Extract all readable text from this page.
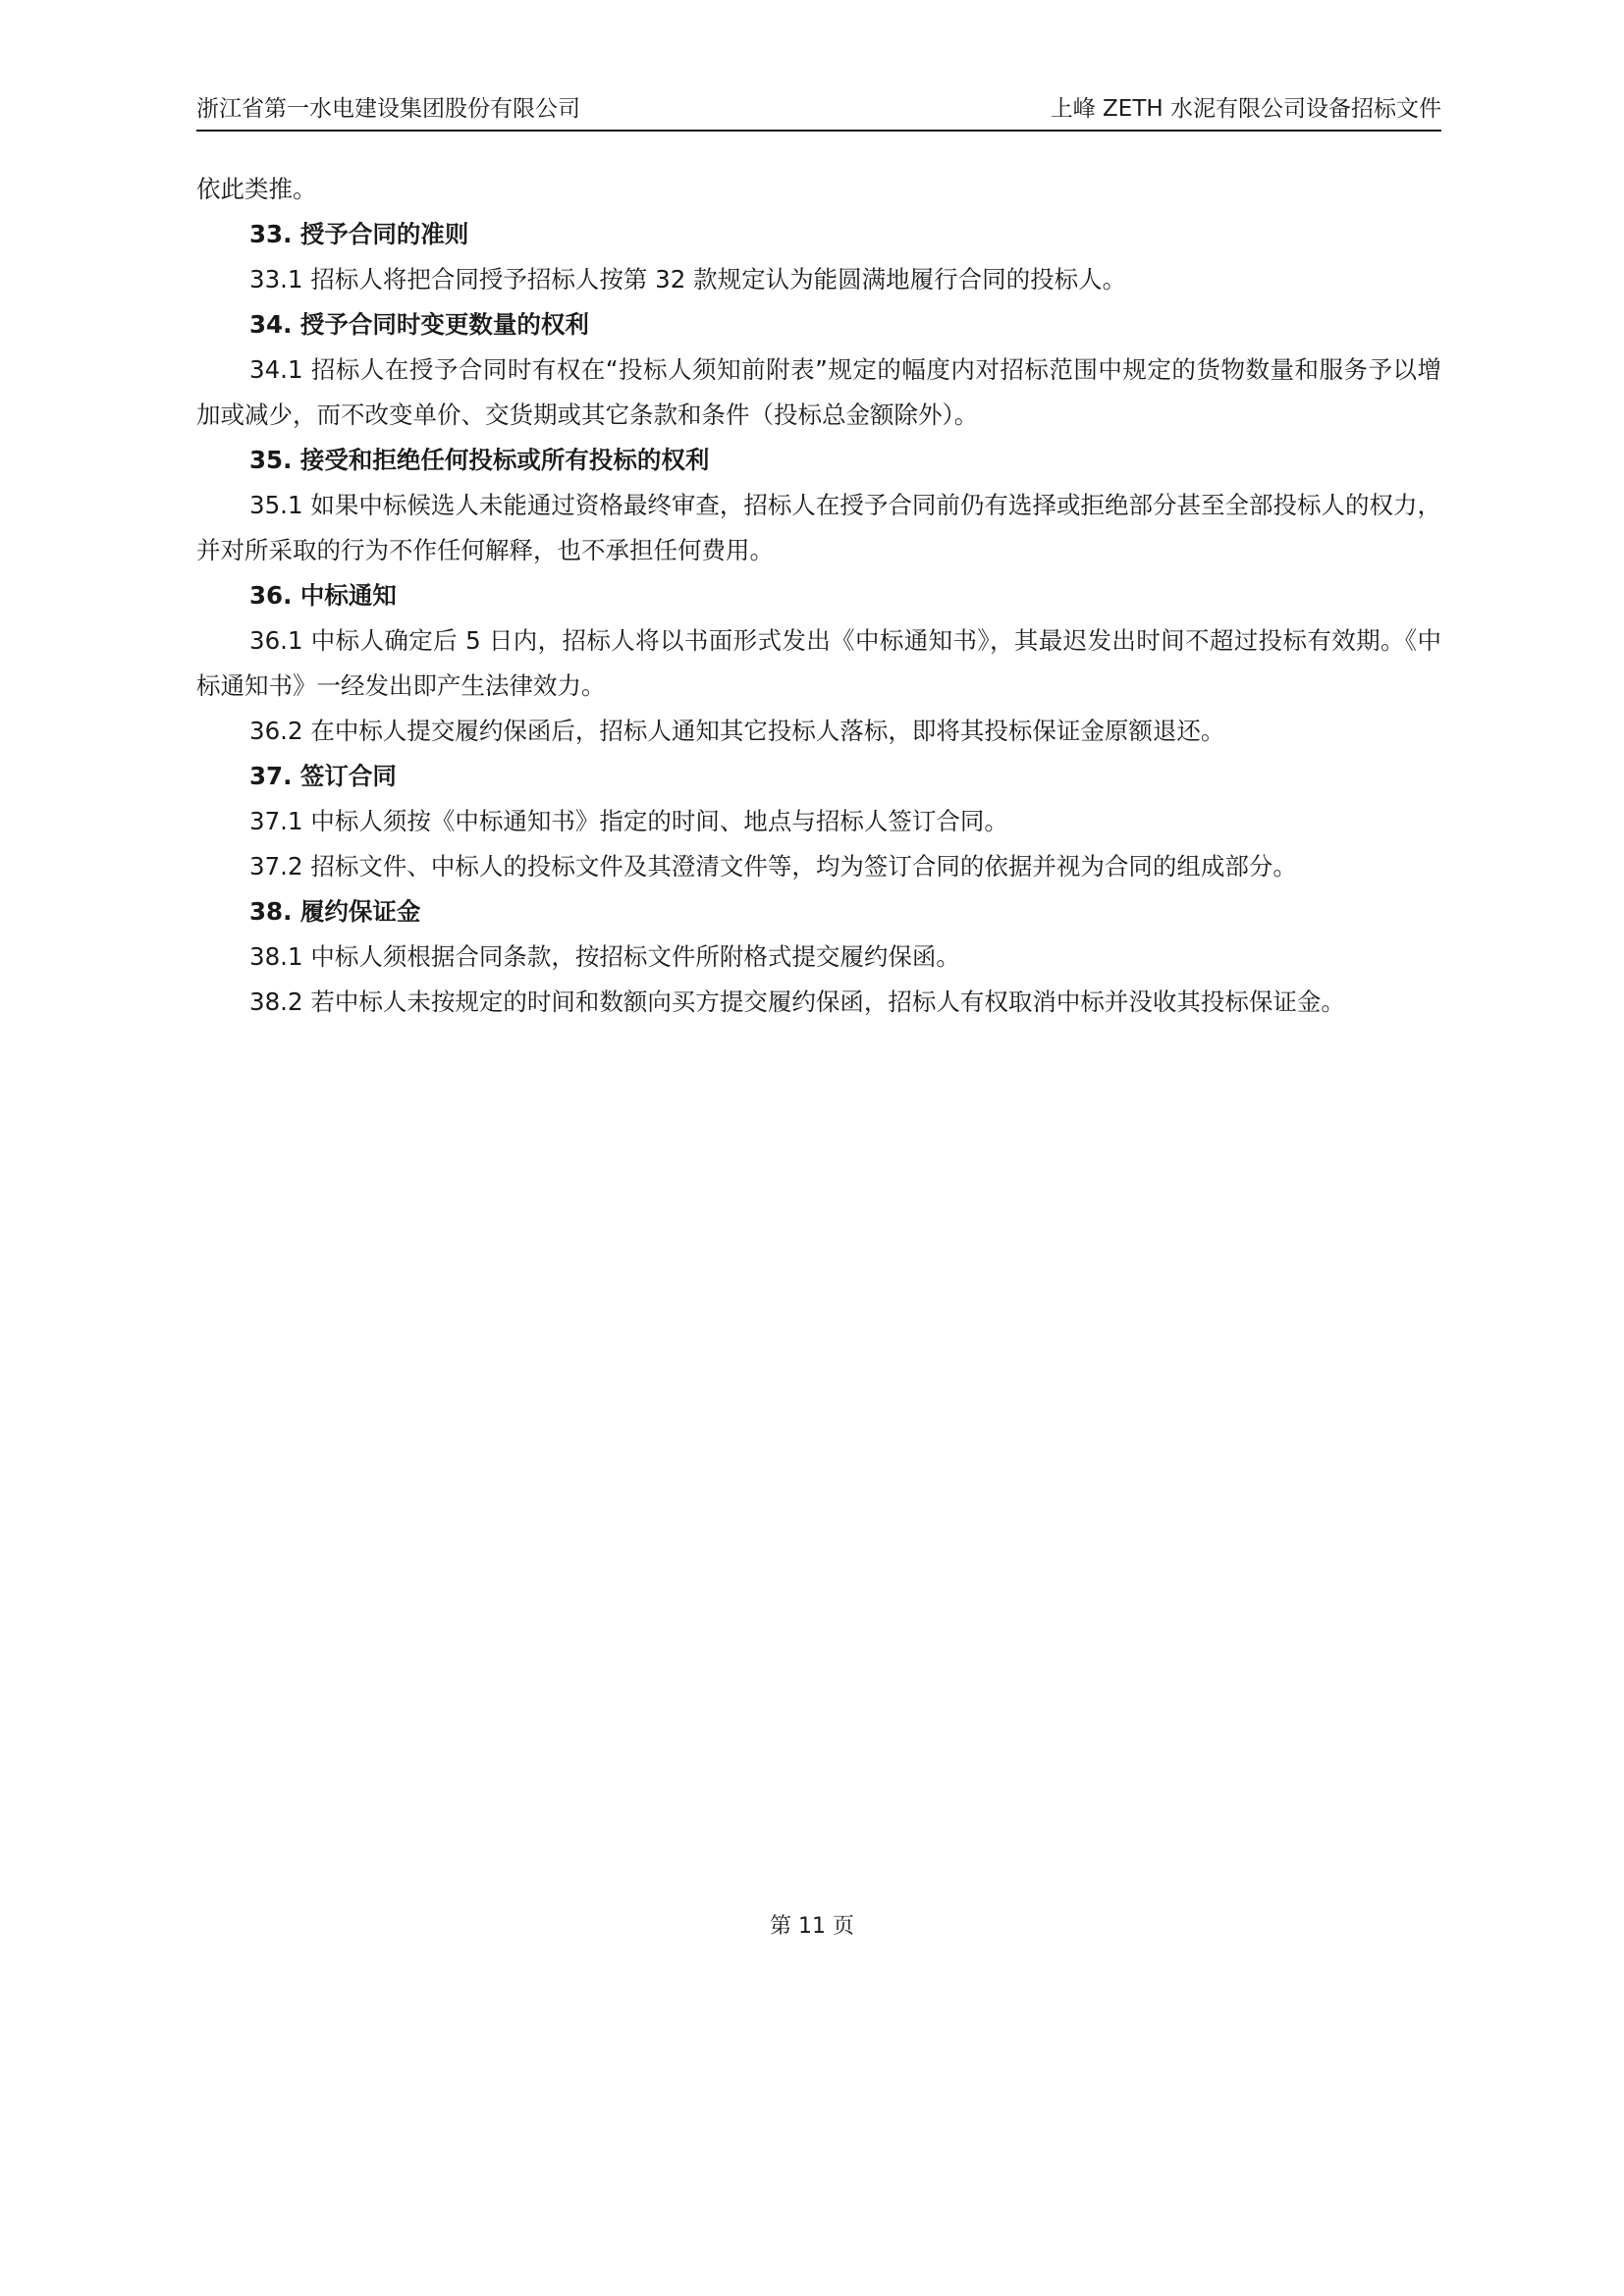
浙江省第一水电建设集团股份有限公司	上峰 ZETH 水泥有限公司设备招标文件

依此类推。

33. 授予合同的准则

33.1 招标人将把合同授予招标人按第 32 款规定认为能圆满地履行合同的投标人。

34. 授予合同时变更数量的权利

34.1 招标人在授予合同时有权在“投标人须知前附表”规定的幅度内对招标范围中规定的货物数量和服务予以增加或减少，而不改变单价、交货期或其它条款和条件（投标总金额除外）。

35. 接受和拒绝任何投标或所有投标的权利

35.1 如果中标候选人未能通过资格最终审查，招标人在授予合同前仍有选择或拒绝部分甚至全部投标人的权力，并对所采取的行为不作任何解释，也不承担任何费用。

36. 中标通知

36.1 中标人确定后 5 日内，招标人将以书面形式发出《中标通知书》，其最迟发出时间不超过投标有效期。《中标通知书》一经发出即产生法律效力。

36.2 在中标人提交履约保函后，招标人通知其它投标人落标，即将其投标保证金原额退还。

37. 签订合同

37.1 中标人须按《中标通知书》指定的时间、地点与招标人签订合同。

37.2 招标文件、中标人的投标文件及其澄清文件等，均为签订合同的依据并视为合同的组成部分。

38. 履约保证金

38.1 中标人须根据合同条款，按招标文件所附格式提交履约保函。

38.2 若中标人未按规定的时间和数额向买方提交履约保函，招标人有权取消中标并没收其投标保证金。

第 11 页
